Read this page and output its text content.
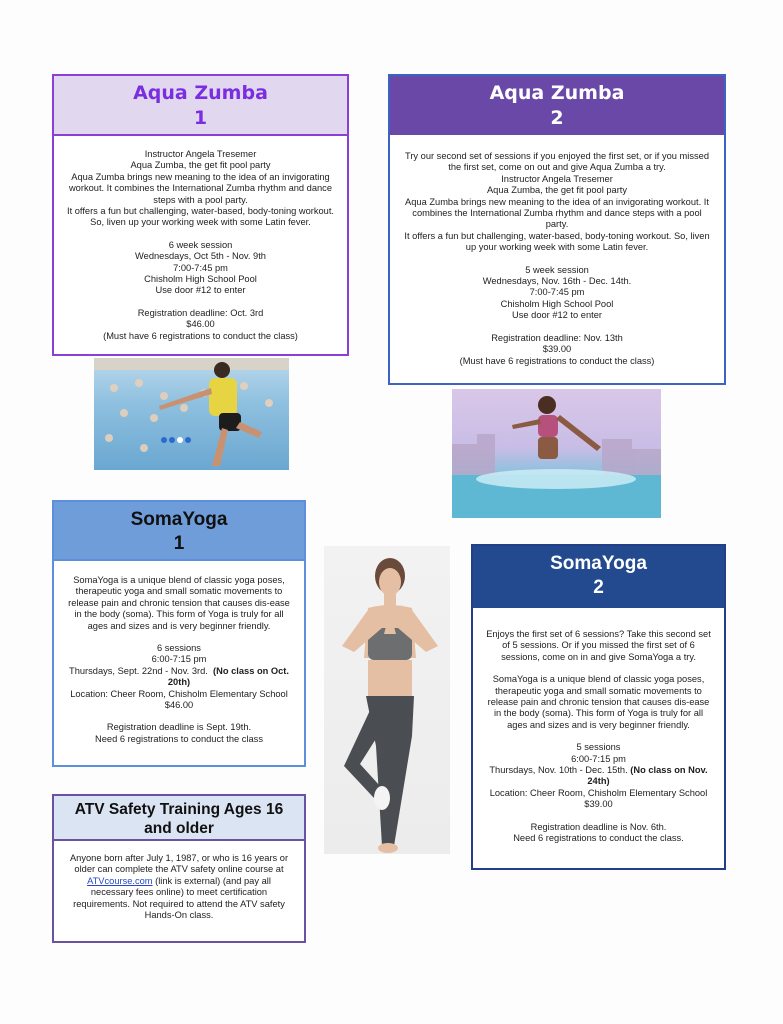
Aqua Zumba
1

Instructor Angela Tresemer

Aqua Zumba, the get fit pool party

Aqua Zumba brings new meaning to the idea of an invigorating

workout. It combines the International Zumba rhythm and dance

steps with a pool party.

It offers a fun but challenging, water-based, body-toning workout.

So, liven up your working week with some Latin fever.

6 week session

Wednesdays, Oct 5th - Nov. 9th

7:00-7:45 pm

Chisholm High School Pool

Use door #12 to enter

Registration deadline: Oct. 3rd

$46.00

(Must have 6 registrations to conduct the class)

Aqua Zumba
2

Try our second set of sessions if you enjoyed the first set, or if you missed

the first set, come on out and give Aqua Zumba a try.

Instructor Angela Tresemer

Aqua Zumba, the get fit pool party

Aqua Zumba brings new meaning to the idea of an invigorating workout. It

combines the International Zumba rhythm and dance steps with a pool

party.

It offers a fun but challenging, water-based, body-toning workout. So, liven

up your working week with some Latin fever.

5 week session

Wednesdays, Nov. 16th - Dec. 14th.

7:00-7:45 pm

Chisholm High School Pool

Use door #12 to enter

Registration deadline: Nov. 13th

$39.00

(Must have 6 registrations to conduct the class)

SomaYoga
1

SomaYoga is a unique blend of classic yoga poses,

therapeutic yoga and small somatic movements to

release pain and chronic tension that causes dis-ease

in the body (soma). This form of Yoga is truly for all

ages and sizes and is very beginner friendly.

6 sessions

6:00-7:15 pm

Thursdays, Sept. 22nd - Nov. 3rd. (No class on Oct.

20th)

Location: Cheer Room, Chisholm Elementary School

$46.00

Registration deadline is Sept. 19th.

Need 6 registrations to conduct the class

SomaYoga
2

Enjoys the first set of 6 sessions? Take this second set

of 5 sessions. Or if you missed the first set of 6

sessions, come on in and give SomaYoga a try.

SomaYoga is a unique blend of classic yoga poses,

therapeutic yoga and small somatic movements to

release pain and chronic tension that causes dis-ease

in the body (soma). This form of Yoga is truly for all

ages and sizes and is very beginner friendly.

5 sessions

6:00-7:15 pm

Thursdays, Nov. 10th - Dec. 15th. (No class on Nov.

24th)

Location: Cheer Room, Chisholm Elementary School

$39.00

Registration deadline is Nov. 6th.

Need 6 registrations to conduct the class.

ATV Safety Training Ages 16
and older

Anyone born after July 1, 1987, or who is 16 years or

older can complete the ATV safety online course at

ATVcourse.com (link is external) (and pay all

necessary fees online) to meet certification

requirements. Not required to attend the ATV safety

Hands-On class.
